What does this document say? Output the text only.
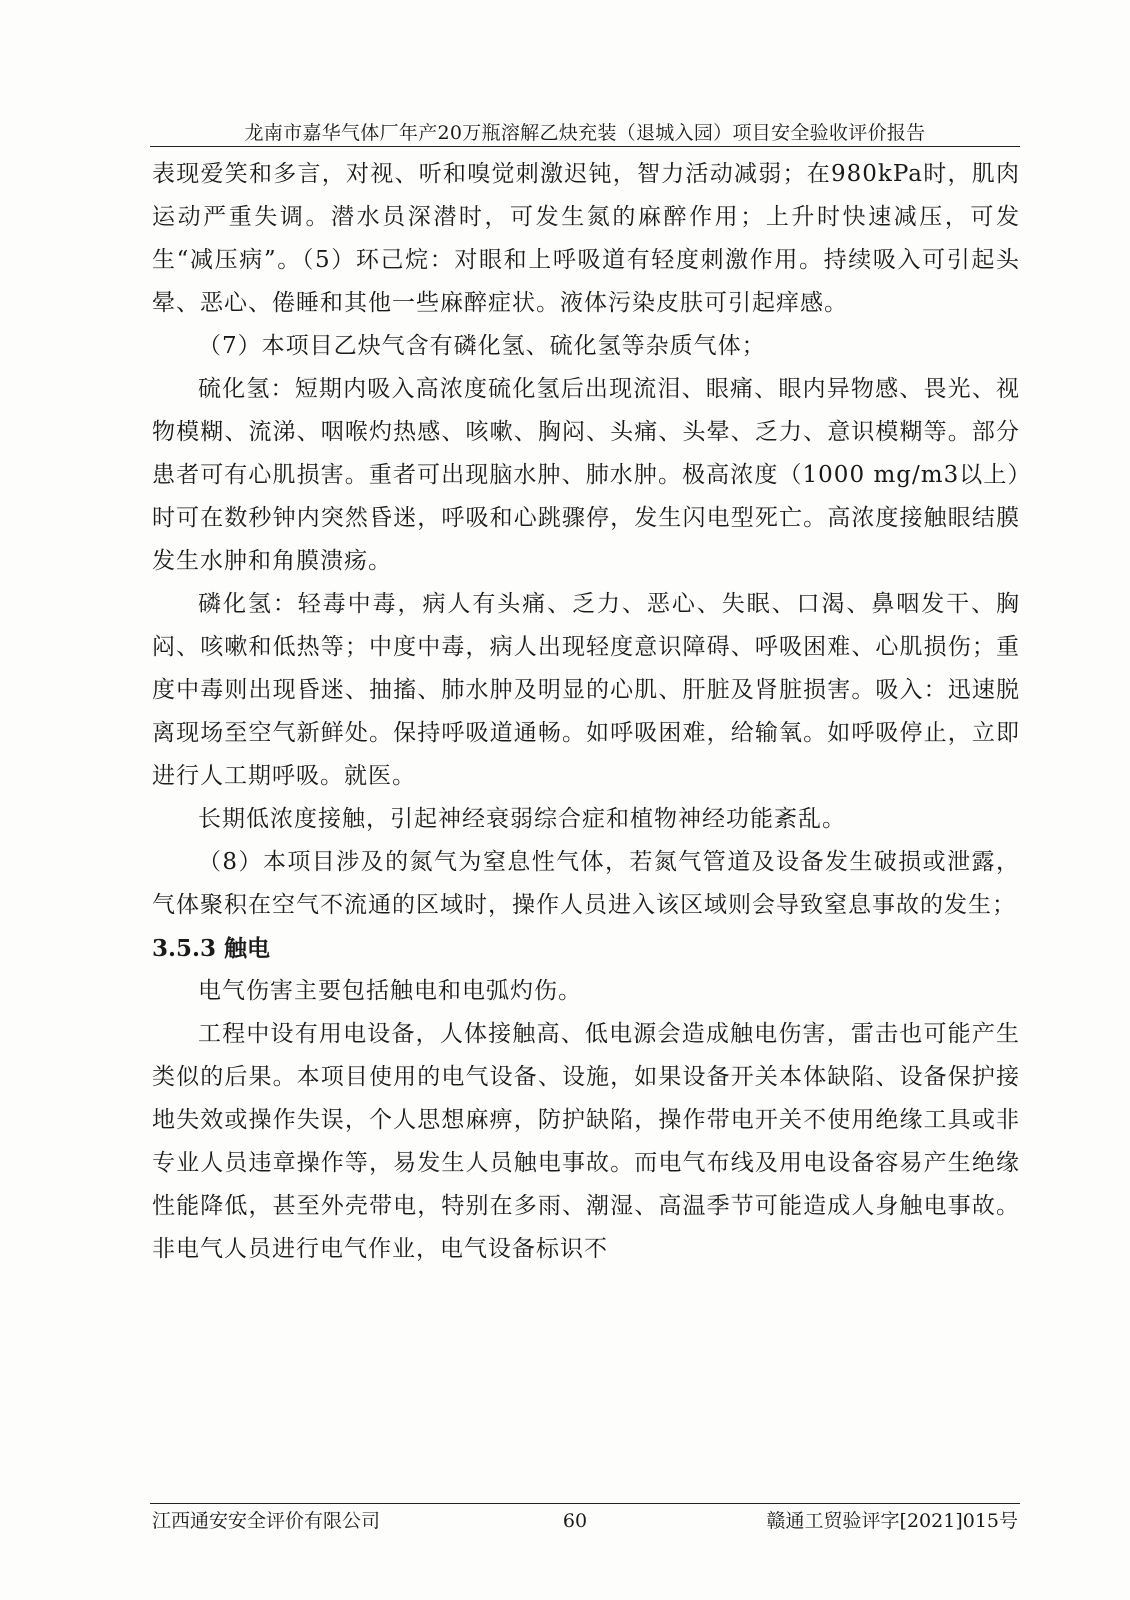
龙南市嘉华气体厂年产20万瓶溶解乙炔充装（退城入园）项目安全验收评价报告

表现爱笑和多言，对视、听和嗅觉刺激迟钝，智力活动减弱；在980kPa时，肌肉运动严重失调。潜水员深潜时，可发生氮的麻醉作用；上升时快速减压，可发生“减压病”。（5）环己烷：对眼和上呼吸道有轻度刺激作用。持续吸入可引起头晕、恶心、倦睡和其他一些麻醉症状。液体污染皮肤可引起痒感。

（7）本项目乙炔气含有磷化氢、硫化氢等杂质气体；

硫化氢：短期内吸入高浓度硫化氢后出现流泪、眼痛、眼内异物感、畏光、视物模糊、流涕、咽喉灼热感、咳嗽、胸闷、头痛、头晕、乏力、意识模糊等。部分患者可有心肌损害。重者可出现脑水肿、肺水肿。极高浓度（1000 mg/m3以上）时可在数秒钟内突然昏迷，呼吸和心跳骤停，发生闪电型死亡。高浓度接触眼结膜发生水肿和角膜溃疡。

磷化氢：轻毒中毒，病人有头痛、乏力、恶心、失眠、口渴、鼻咽发干、胸闷、咳嗽和低热等；中度中毒，病人出现轻度意识障碍、呼吸困难、心肌损伤；重度中毒则出现昏迷、抽搐、肺水肿及明显的心肌、肝脏及肾脏损害。吸入：迅速脱离现场至空气新鲜处。保持呼吸道通畅。如呼吸困难，给输氧。如呼吸停止，立即进行人工期呼吸。就医。

长期低浓度接触，引起神经衰弱综合症和植物神经功能紊乱。

（8）本项目涉及的氮气为窒息性气体，若氮气管道及设备发生破损或泄露，气体聚积在空气不流通的区域时，操作人员进入该区域则会导致窒息事故的发生；

3.5.3 触电

电气伤害主要包括触电和电弧灼伤。

工程中设有用电设备，人体接触高、低电源会造成触电伤害，雷击也可能产生类似的后果。本项目使用的电气设备、设施，如果设备开关本体缺陷、设备保护接地失效或操作失误，个人思想麻痹，防护缺陷，操作带电开关不使用绝缘工具或非专业人员违章操作等，易发生人员触电事故。而电气布线及用电设备容易产生绝缘性能降低，甚至外壳带电，特别在多雨、潮湿、高温季节可能造成人身触电事故。非电气人员进行电气作业，电气设备标识不

江西通安安全评价有限公司	60	赣通工贸验评字[2021]015号
